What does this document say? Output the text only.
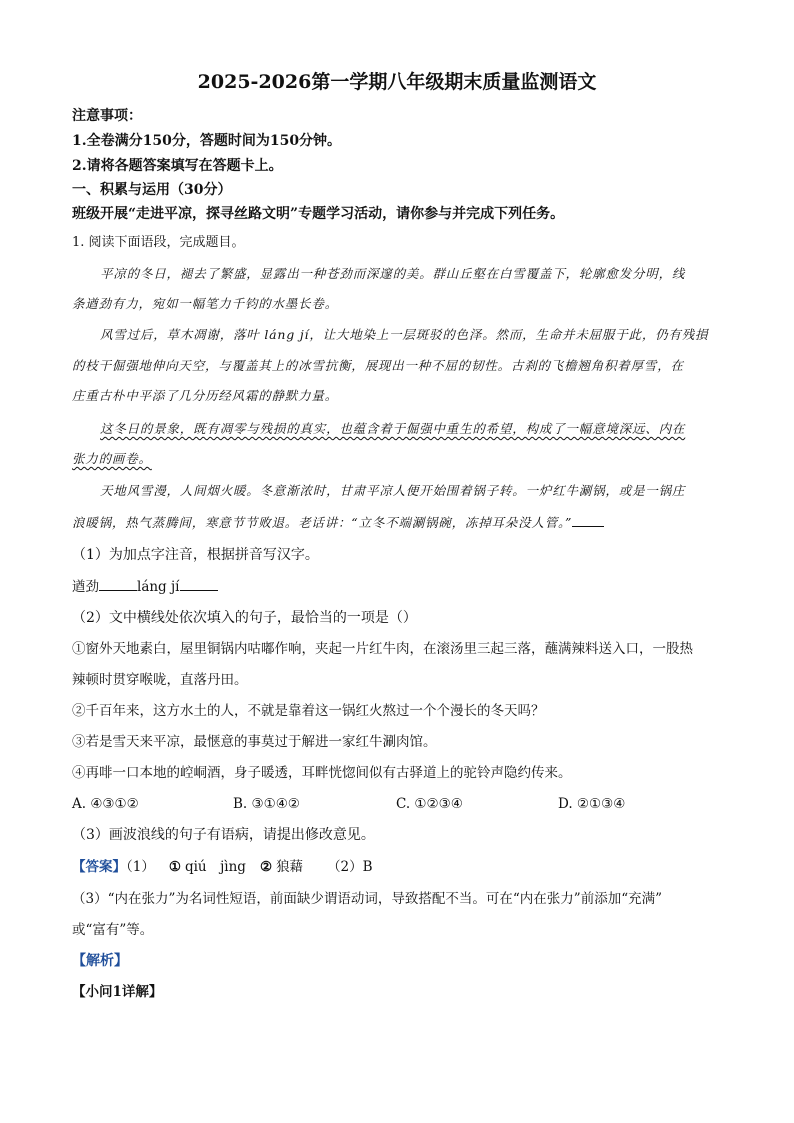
2025-2026第一学期八年级期末质量监测语文
注意事项：
1.全卷满分150分，答题时间为150分钟。
2.请将各题答案填写在答题卡上。
一、积累与运用（30分）
班级开展“走进平凉，探寻丝路文明”专题学习活动，请你参与并完成下列任务。
1. 阅读下面语段，完成题目。
平凉的冬日，褪去了繁盛，显露出一种苍劲而深邃的美。群山丘壑在白雪覆盖下，轮廓愈发分明，线
条遒劲有力，宛如一幅笔力千钧的水墨长卷。
风雪过后，草木凋谢，落叶 láng jí，让大地染上一层斑驳的色泽。然而，生命并未屈服于此，仍有残損
的枝干倔强地伸向天空，与覆盖其上的冰雪抗衡，展现出一种不屈的韧性。古刹的飞檐翘角积着厚雪，在
庄重古朴中平添了几分历经风霜的静默力量。
这冬日的景象，既有凋零与残损的真实，也蕴含着于倔强中重生的希望，构成了一幅意境深远、内在
张力的画卷。
天地风雪漫，人间烟火暖。冬意渐浓时，甘肃平凉人便开始围着锅子转。一炉红牛涮锅，或是一锅庄
浪暖锅，热气蒸腾间，寒意节节败退。老话讲：“立冬不端涮锅碗，冻掉耳朵没人管。”
（1）为加点字注音，根据拼音写汉字。
遒劲	láng jí
（2）文中横线处依次填入的句子，最恰当的一项是（）
①窗外天地素白，屋里铜锅内咕嘟作响，夹起一片红牛肉，在滚汤里三起三落，蘸满辣料送入口，一股热
辣顿时贯穿喉咙，直落丹田。
②千百年来，这方水土的人，不就是靠着这一锅红火熬过一个个漫长的冬天吗？
③若是雪天来平凉，最惬意的事莫过于解进一家红牛涮肉馆。
④再啡一口本地的崆峒酒，身子暖透，耳畔恍惚间似有古驿道上的驼铃声隐约传来。
A. ④③①②	B. ③①④②	C. ①②③④	D. ②①③④
（3）画波浪线的句子有语病，请提出修改意见。
【答案】（1） ① qiú　jìng ② 狼藉 （2）B
（3）“内在张力”为名词性短语，前面缺少谓语动词，导致搭配不当。可在“内在张力”前添加“充满”
或“富有”等。
【解析】
【小问1详解】
